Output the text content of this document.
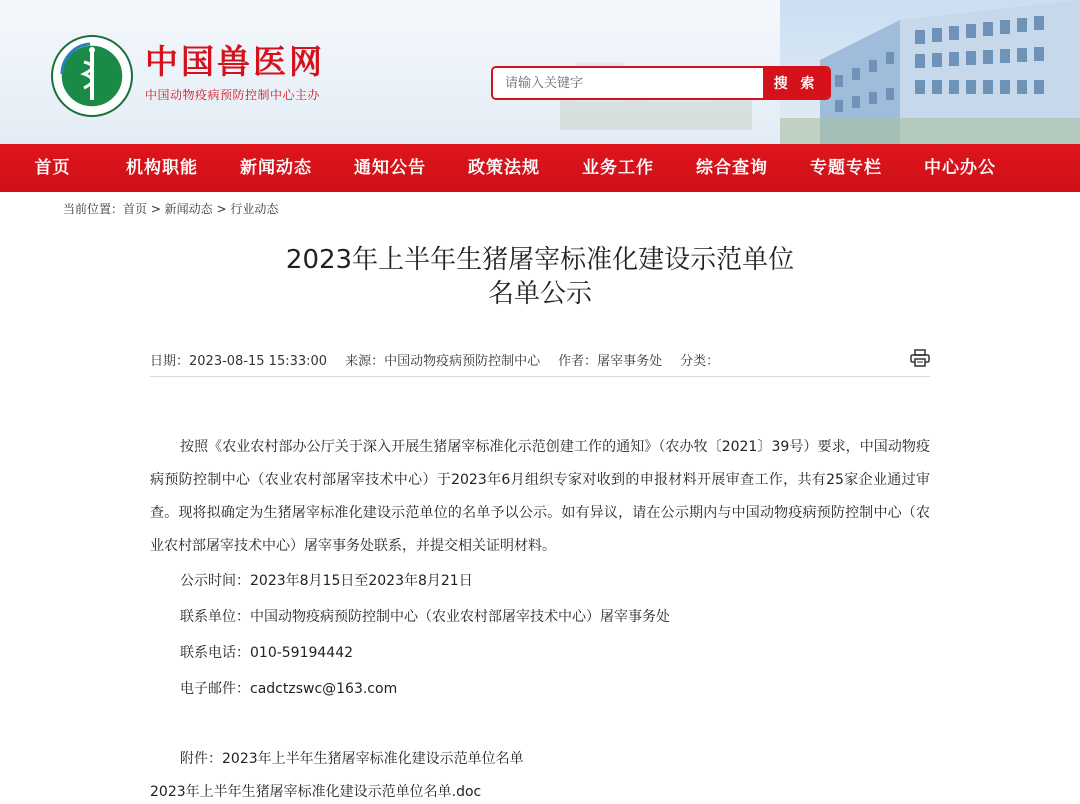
中国兽医网
中国动物疫病预防控制中心主办
请输入关键字
搜 索
首页	机构职能	新闻动态	通知公告	政策法规	业务工作	综合查询	专题专栏	中心办公
当前位置：首页 > 新闻动态 > 行业动态
2023年上半年生猪屠宰标准化建设示范单位
名单公示
日期：2023-08-15 15:33:00 来源：中国动物疫病预防控制中心 作者：屠宰事务处 分类：

按照《农业农村部办公厅关于深入开展生猪屠宰标准化示范创建工作的通知》（农办牧〔2021〕39号）要求，中国动物疫病预防控制中心（农业农村部屠宰技术中心）于2023年6月组织专家对收到的申报材料开展审查工作，共有25家企业通过审查。现将拟确定为生猪屠宰标准化建设示范单位的名单予以公示。如有异议，请在公示期内与中国动物疫病预防控制中心（农业农村部屠宰技术中心）屠宰事务处联系，并提交相关证明材料。

公示时间：2023年8月15日至2023年8月21日

联系单位：中国动物疫病预防控制中心（农业农村部屠宰技术中心）屠宰事务处

联系电话：010-59194442

电子邮件：cadctzswc@163.com

附件：2023年上半年生猪屠宰标准化建设示范单位名单

2023年上半年生猪屠宰标准化建设示范单位名单.doc
